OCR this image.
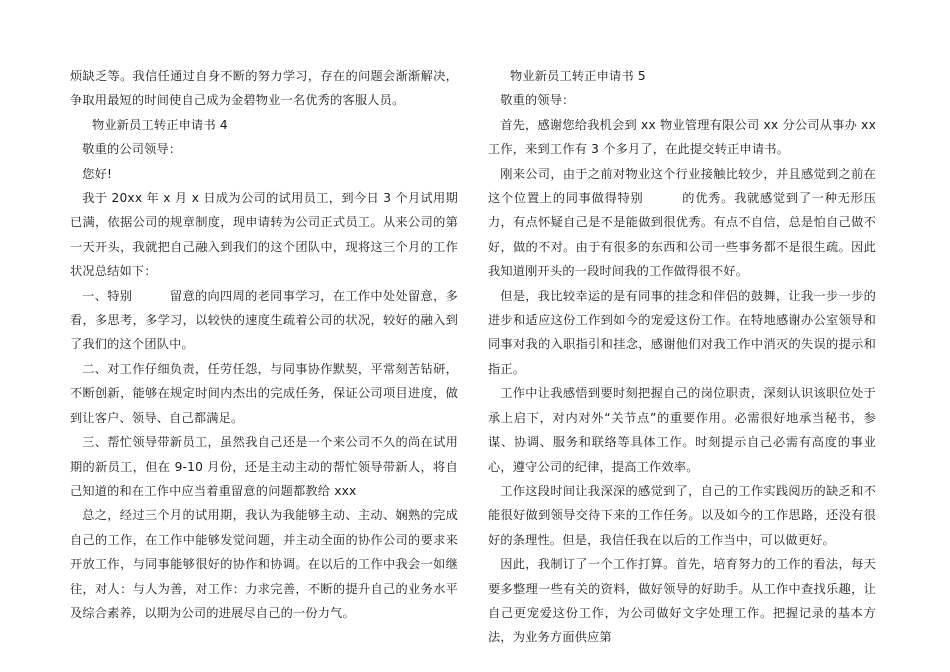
烦缺乏等。我信任通过自身不断的努力学习，存在的问题会渐渐解决，争取用最短的时间使自己成为金碧物业一名优秀的客服人员。

物业新员工转正申请书 4

敬重的公司领导：

您好!

我于 20xx 年 x 月 x 日成为公司的试用员工，到今日 3 个月试用期已满，依据公司的规章制度，现申请转为公司正式员工。从来公司的第一天开头，我就把自己融入到我们的这个团队中，现将这三个月的工作状况总结如下：

一、特别　　　留意的向四周的老同事学习，在工作中处处留意，多看，多思考，多学习，以较快的速度生疏着公司的状况，较好的融入到了我们的这个团队中。

二、对工作仔细负责，任劳任怨，与同事协作默契，平常刻苦钻研，不断创新，能够在规定时间内杰出的完成任务，保证公司项目进度，做到让客户、领导、自己都满足。

三、帮忙领导带新员工，虽然我自己还是一个来公司不久的尚在试用期的新员工，但在 9-10 月份，还是主动主动的帮忙领导带新人，将自己知道的和在工作中应当着重留意的问题都教给 xxx

总之，经过三个月的试用期，我认为我能够主动、主动、娴熟的完成自己的工作，在工作中能够发觉问题，并主动全面的协作公司的要求来开放工作，与同事能够很好的协作和协调。在以后的工作中我会一如继往，对人：与人为善，对工作：力求完善，不断的提升自己的业务水平及综合素养，以期为公司的进展尽自己的一份力气。

物业新员工转正申请书 5

敬重的领导：

首先，感谢您给我机会到 xx 物业管理有限公司 xx 分公司从事办 xx 工作，来到工作有 3 个多月了，在此提交转正申请书。

刚来公司，由于之前对物业这个行业接触比较少，并且感觉到之前在这个位置上的同事做得特别　　　的优秀。我就感觉到了一种无形压力，有点怀疑自己是不是能做到很优秀。有点不自信，总是怕自己做不好，做的不对。由于有很多的东西和公司一些事务都不是很生疏。因此我知道刚开头的一段时间我的工作做得很不好。

但是，我比较幸运的是有同事的挂念和伴侣的鼓舞，让我一步一步的进步和适应这份工作到如今的宠爱这份工作。在特地感谢办公室领导和同事对我的入职指引和挂念，感谢他们对我工作中消灭的失误的提示和指正。

工作中让我感悟到要时刻把握自己的岗位职责，深刻认识该职位处于承上启下，对内对外“关节点”的重要作用。必需很好地承当秘书，参谋、协调、服务和联络等具体工作。时刻提示自己必需有高度的事业心，遵守公司的纪律，提高工作效率。

工作这段时间让我深深的感觉到了，自己的工作实践阅历的缺乏和不能很好做到领导交待下来的工作任务。以及如今的工作思路，还没有很好的条理性。但是，我信任我在以后的工作当中，可以做更好。

因此，我制订了一个工作打算。首先，培育努力的工作的看法，每天要多整理一些有关的资料，做好领导的好助手。从工作中查找乐趣，让自己更宠爱这份工作，为公司做好文字处理工作。把握记录的基本方法，为业务方面供应第
